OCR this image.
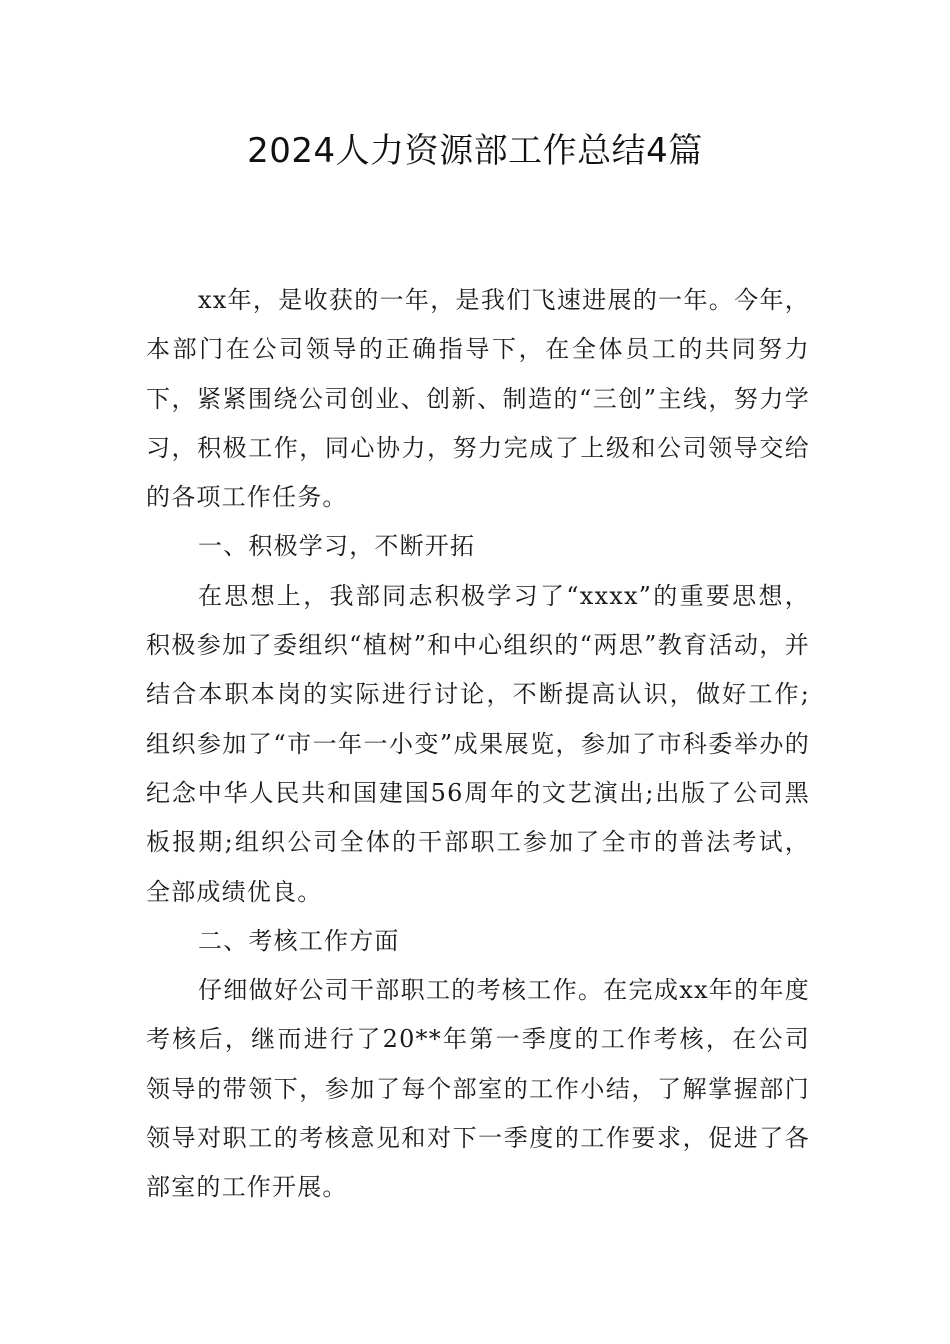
2024人力资源部工作总结4篇

xx年，是收获的一年，是我们飞速进展的一年。今年，本部门在公司领导的正确指导下，在全体员工的共同努力下，紧紧围绕公司创业、创新、制造的“三创”主线，努力学习，积极工作，同心协力，努力完成了上级和公司领导交给的各项工作任务。

一、积极学习，不断开拓

在思想上，我部同志积极学习了“xxxx”的重要思想，积极参加了委组织“植树”和中心组织的“两思”教育活动，并结合本职本岗的实际进行讨论，不断提高认识，做好工作;组织参加了“市一年一小变”成果展览，参加了市科委举办的纪念中华人民共和国建国56周年的文艺演出;出版了公司黑板报期;组织公司全体的干部职工参加了全市的普法考试，全部成绩优良。

二、考核工作方面

仔细做好公司干部职工的考核工作。在完成xx年的年度考核后，继而进行了20**年第一季度的工作考核，在公司领导的带领下，参加了每个部室的工作小结，了解掌握部门领导对职工的考核意见和对下一季度的工作要求，促进了各部室的工作开展。
